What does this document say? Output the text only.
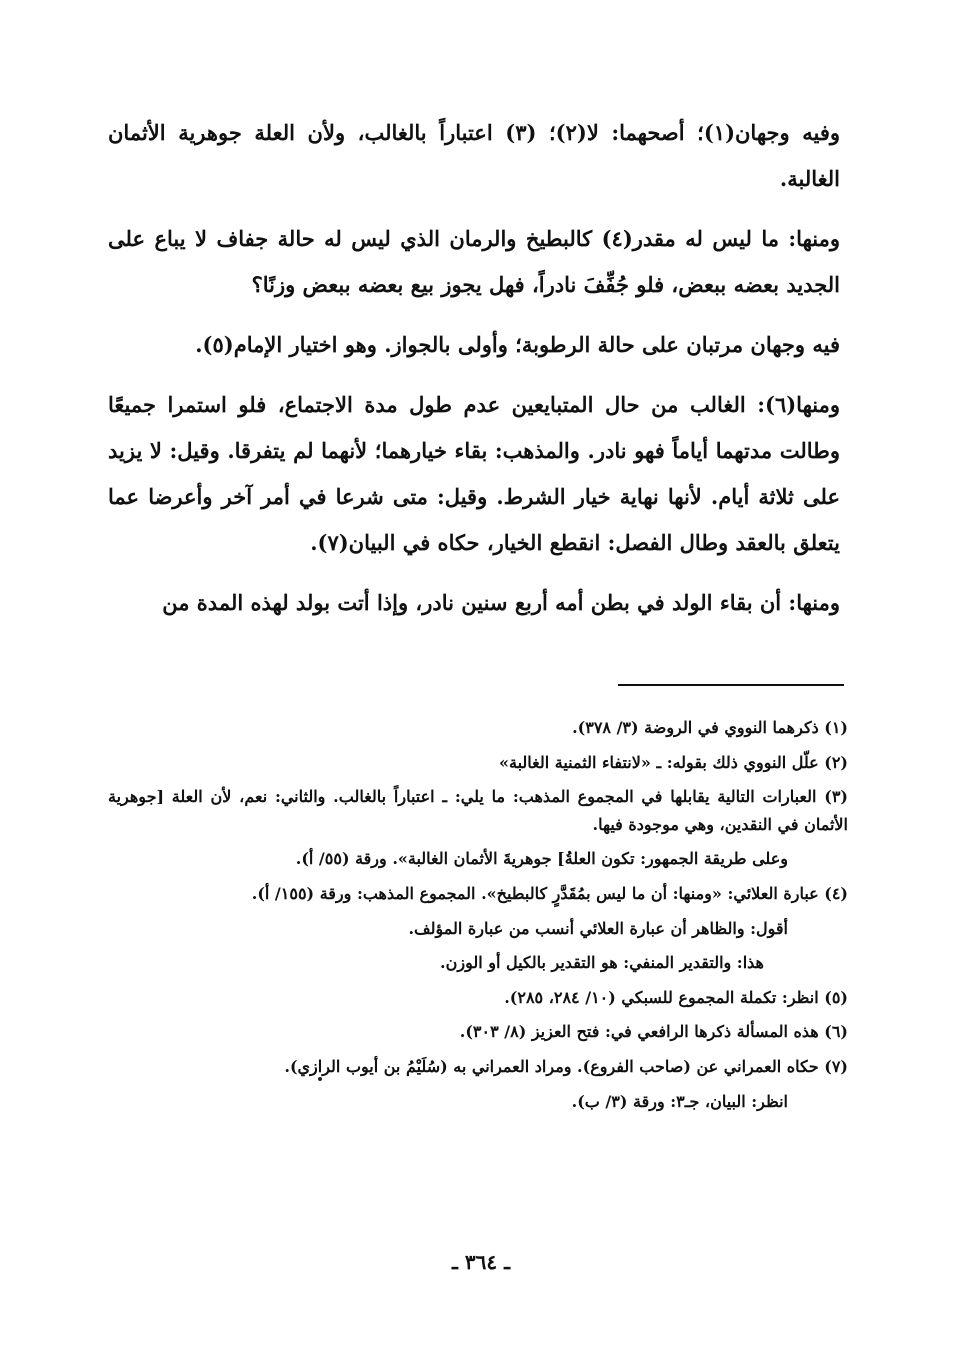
وفيه وجهان(١)؛ أصحهما: لا(٢)؛ (٣) اعتباراً بالغالب، ولأن العلة جوهرية الأثمان الغالبة.

ومنها: ما ليس له مقدر(٤) كالبطيخ والرمان الذي ليس له حالة جفاف لا يباع على الجديد بعضه ببعض، فلو جُفِّفَ نادراً، فهل يجوز بيع بعضه ببعض وزنًا؟

فيه وجهان مرتبان على حالة الرطوبة؛ وأولى بالجواز. وهو اختيار الإمام(٥).

ومنها(٦): الغالب من حال المتبايعين عدم طول مدة الاجتماع، فلو استمرا جميعًا وطالت مدتهما أياماً فهو نادر. والمذهب: بقاء خيارهما؛ لأنهما لم يتفرقا. وقيل: لا يزيد على ثلاثة أيام. لأنها نهاية خيار الشرط. وقيل: متى شرعا في أمر آخر وأعرضا عما يتعلق بالعقد وطال الفصل: انقطع الخيار، حكاه في البيان(٧).

ومنها: أن بقاء الولد في بطن أمه أربع سنين نادر، وإذا أتت بولد لهذه المدة من

(١) ذكرهما النووي في الروضة (٣/ ٣٧٨).

(٢) علّل النووي ذلك بقوله: ـ «لانتفاء الثمنية الغالبة»

(٣) العبارات التالية يقابلها في المجموع المذهب: ما يلي: ـ اعتباراً بالغالب. والثاني: نعم، لأن العلة [جوهرية الأثمان في النقدين، وهي موجودة فيها.

وعلى طريقة الجمهور: تكون العلةُ] جوهريةَ الأثمان الغالبة». ورقة (٥٥/ أ).

(٤) عبارة العلائي: «ومنها: أن ما ليس بمُقَدَّرٍ كالبطيخ». المجموع المذهب: ورقة (١٥٥/ أ).

أقول: والظاهر أن عبارة العلائي أنسب من عبارة المؤلف.

هذا: والتقدير المنفي: هو التقدير بالكيل أو الوزن.

(٥) انظر: تكملة المجموع للسبكي (١٠/ ٢٨٤، ٢٨٥).

(٦) هذه المسألة ذكرها الرافعي في: فتح العزيز (٨/ ٣٠٣).

(٧) حكاه العمراني عن (صاحب الفروع). ومراد العمراني به (سُلَيْمُ بن أيوب الرازي).

انظر: البيان، جـ٣: ورقة (٣/ ب).

ـ ٣٦٤ ـ
